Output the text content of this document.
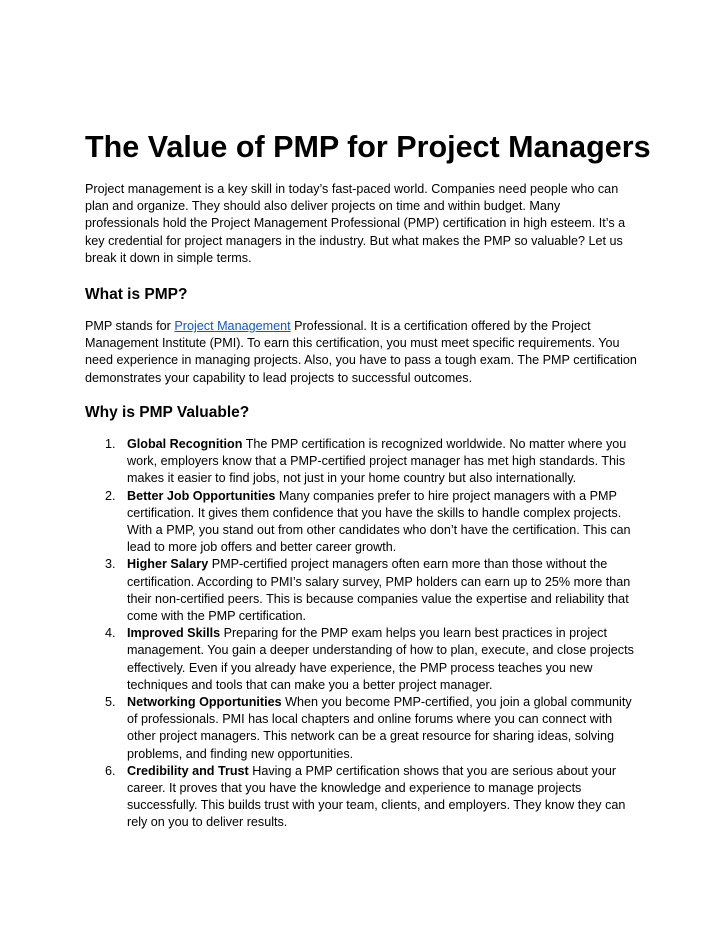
The Value of PMP for Project Managers

Project management is a key skill in today’s fast-paced world. Companies need people who can plan and organize. They should also deliver projects on time and within budget. Many professionals hold the Project Management Professional (PMP) certification in high esteem. It’s a key credential for project managers in the industry. But what makes the PMP so valuable? Let us break it down in simple terms.

What is PMP?

PMP stands for Project Management Professional. It is a certification offered by the Project Management Institute (PMI). To earn this certification, you must meet specific requirements. You need experience in managing projects. Also, you have to pass a tough exam. The PMP certification demonstrates your capability to lead projects to successful outcomes.

Why is PMP Valuable?
1. Global Recognition The PMP certification is recognized worldwide. No matter where you work, employers know that a PMP-certified project manager has met high standards. This makes it easier to find jobs, not just in your home country but also internationally.
2. Better Job Opportunities Many companies prefer to hire project managers with a PMP certification. It gives them confidence that you have the skills to handle complex projects. With a PMP, you stand out from other candidates who don’t have the certification. This can lead to more job offers and better career growth.
3. Higher Salary PMP-certified project managers often earn more than those without the certification. According to PMI’s salary survey, PMP holders can earn up to 25% more than their non-certified peers. This is because companies value the expertise and reliability that come with the PMP certification.
4. Improved Skills Preparing for the PMP exam helps you learn best practices in project management. You gain a deeper understanding of how to plan, execute, and close projects effectively. Even if you already have experience, the PMP process teaches you new techniques and tools that can make you a better project manager.
5. Networking Opportunities When you become PMP-certified, you join a global community of professionals. PMI has local chapters and online forums where you can connect with other project managers. This network can be a great resource for sharing ideas, solving problems, and finding new opportunities.
6. Credibility and Trust Having a PMP certification shows that you are serious about your career. It proves that you have the knowledge and experience to manage projects successfully. This builds trust with your team, clients, and employers. They know they can rely on you to deliver results.
